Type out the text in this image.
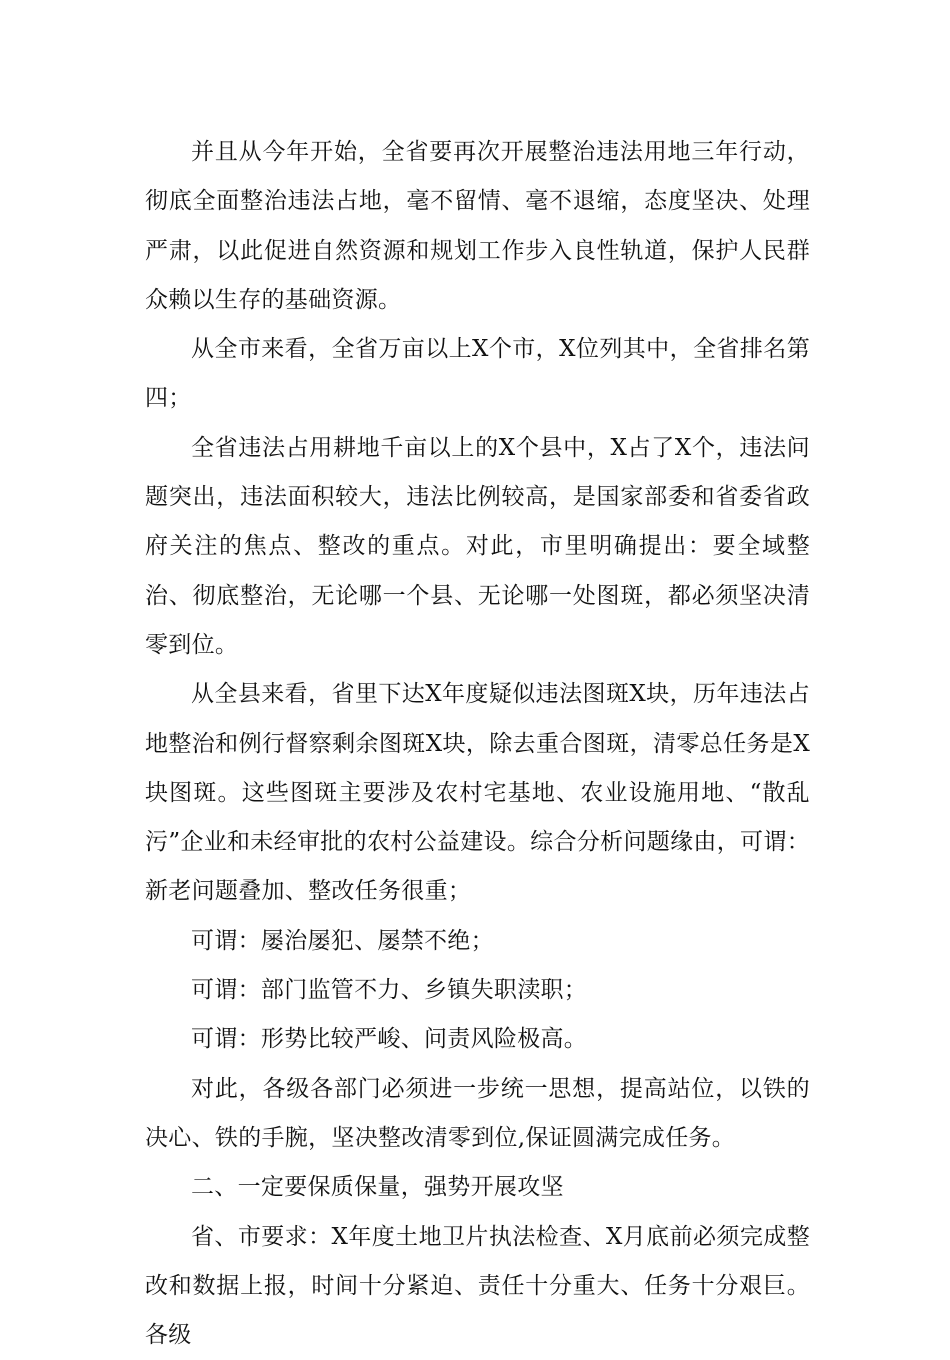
并且从今年开始，全省要再次开展整治违法用地三年行动，彻底全面整治违法占地，毫不留情、毫不退缩，态度坚决、处理严肃，以此促进自然资源和规划工作步入良性轨道，保护人民群众赖以生存的基础资源。

从全市来看，全省万亩以上X个市，X位列其中，全省排名第四；

全省违法占用耕地千亩以上的X个县中，X占了X个，违法问题突出，违法面积较大，违法比例较高，是国家部委和省委省政府关注的焦点、整改的重点。对此，市里明确提出：要全域整治、彻底整治，无论哪一个县、无论哪一处图斑，都必须坚决清零到位。

从全县来看，省里下达X年度疑似违法图斑X块，历年违法占地整治和例行督察剩余图斑X块，除去重合图斑，清零总任务是X块图斑。这些图斑主要涉及农村宅基地、农业设施用地、“散乱污”企业和未经审批的农村公益建设。综合分析问题缘由，可谓：新老问题叠加、整改任务很重；

可谓：屡治屡犯、屡禁不绝；

可谓：部门监管不力、乡镇失职渎职；

可谓：形势比较严峻、问责风险极高。

对此，各级各部门必须进一步统一思想，提高站位，以铁的决心、铁的手腕，坚决整改清零到位,保证圆满完成任务。

二、一定要保质保量，强势开展攻坚

省、市要求：X年度土地卫片执法检查、X月底前必须完成整改和数据上报，时间十分紧迫、责任十分重大、任务十分艰巨。各级
